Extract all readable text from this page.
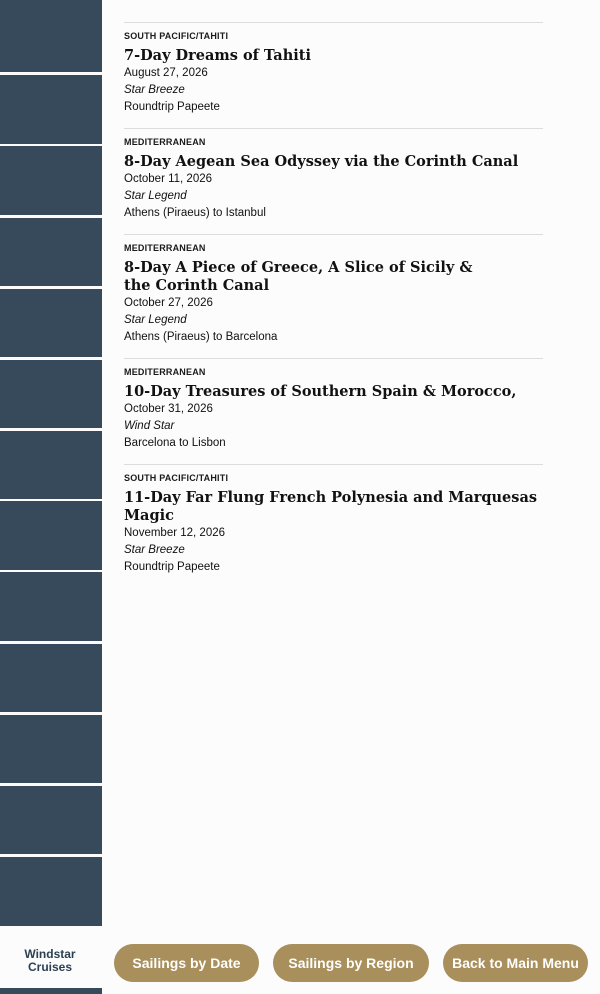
Windstar
Cruises
SOUTH PACIFIC/TAHITI
7-Day Dreams of Tahiti
August 27, 2026
Star Breeze
Roundtrip Papeete
MEDITERRANEAN
8-Day Aegean Sea Odyssey via the Corinth Canal
October 11, 2026
Star Legend
Athens (Piraeus) to Istanbul
MEDITERRANEAN
8-Day A Piece of Greece, A Slice of Sicily &
the Corinth Canal
October 27, 2026
Star Legend
Athens (Piraeus) to Barcelona
MEDITERRANEAN
10-Day Treasures of Southern Spain & Morocco,
October 31, 2026
Wind Star
Barcelona to Lisbon
SOUTH PACIFIC/TAHITI
11-Day Far Flung French Polynesia and Marquesas Magic
November 12, 2026
Star Breeze
Roundtrip Papeete
Sailings by Date	Sailings by Region	Back to Main Menu
